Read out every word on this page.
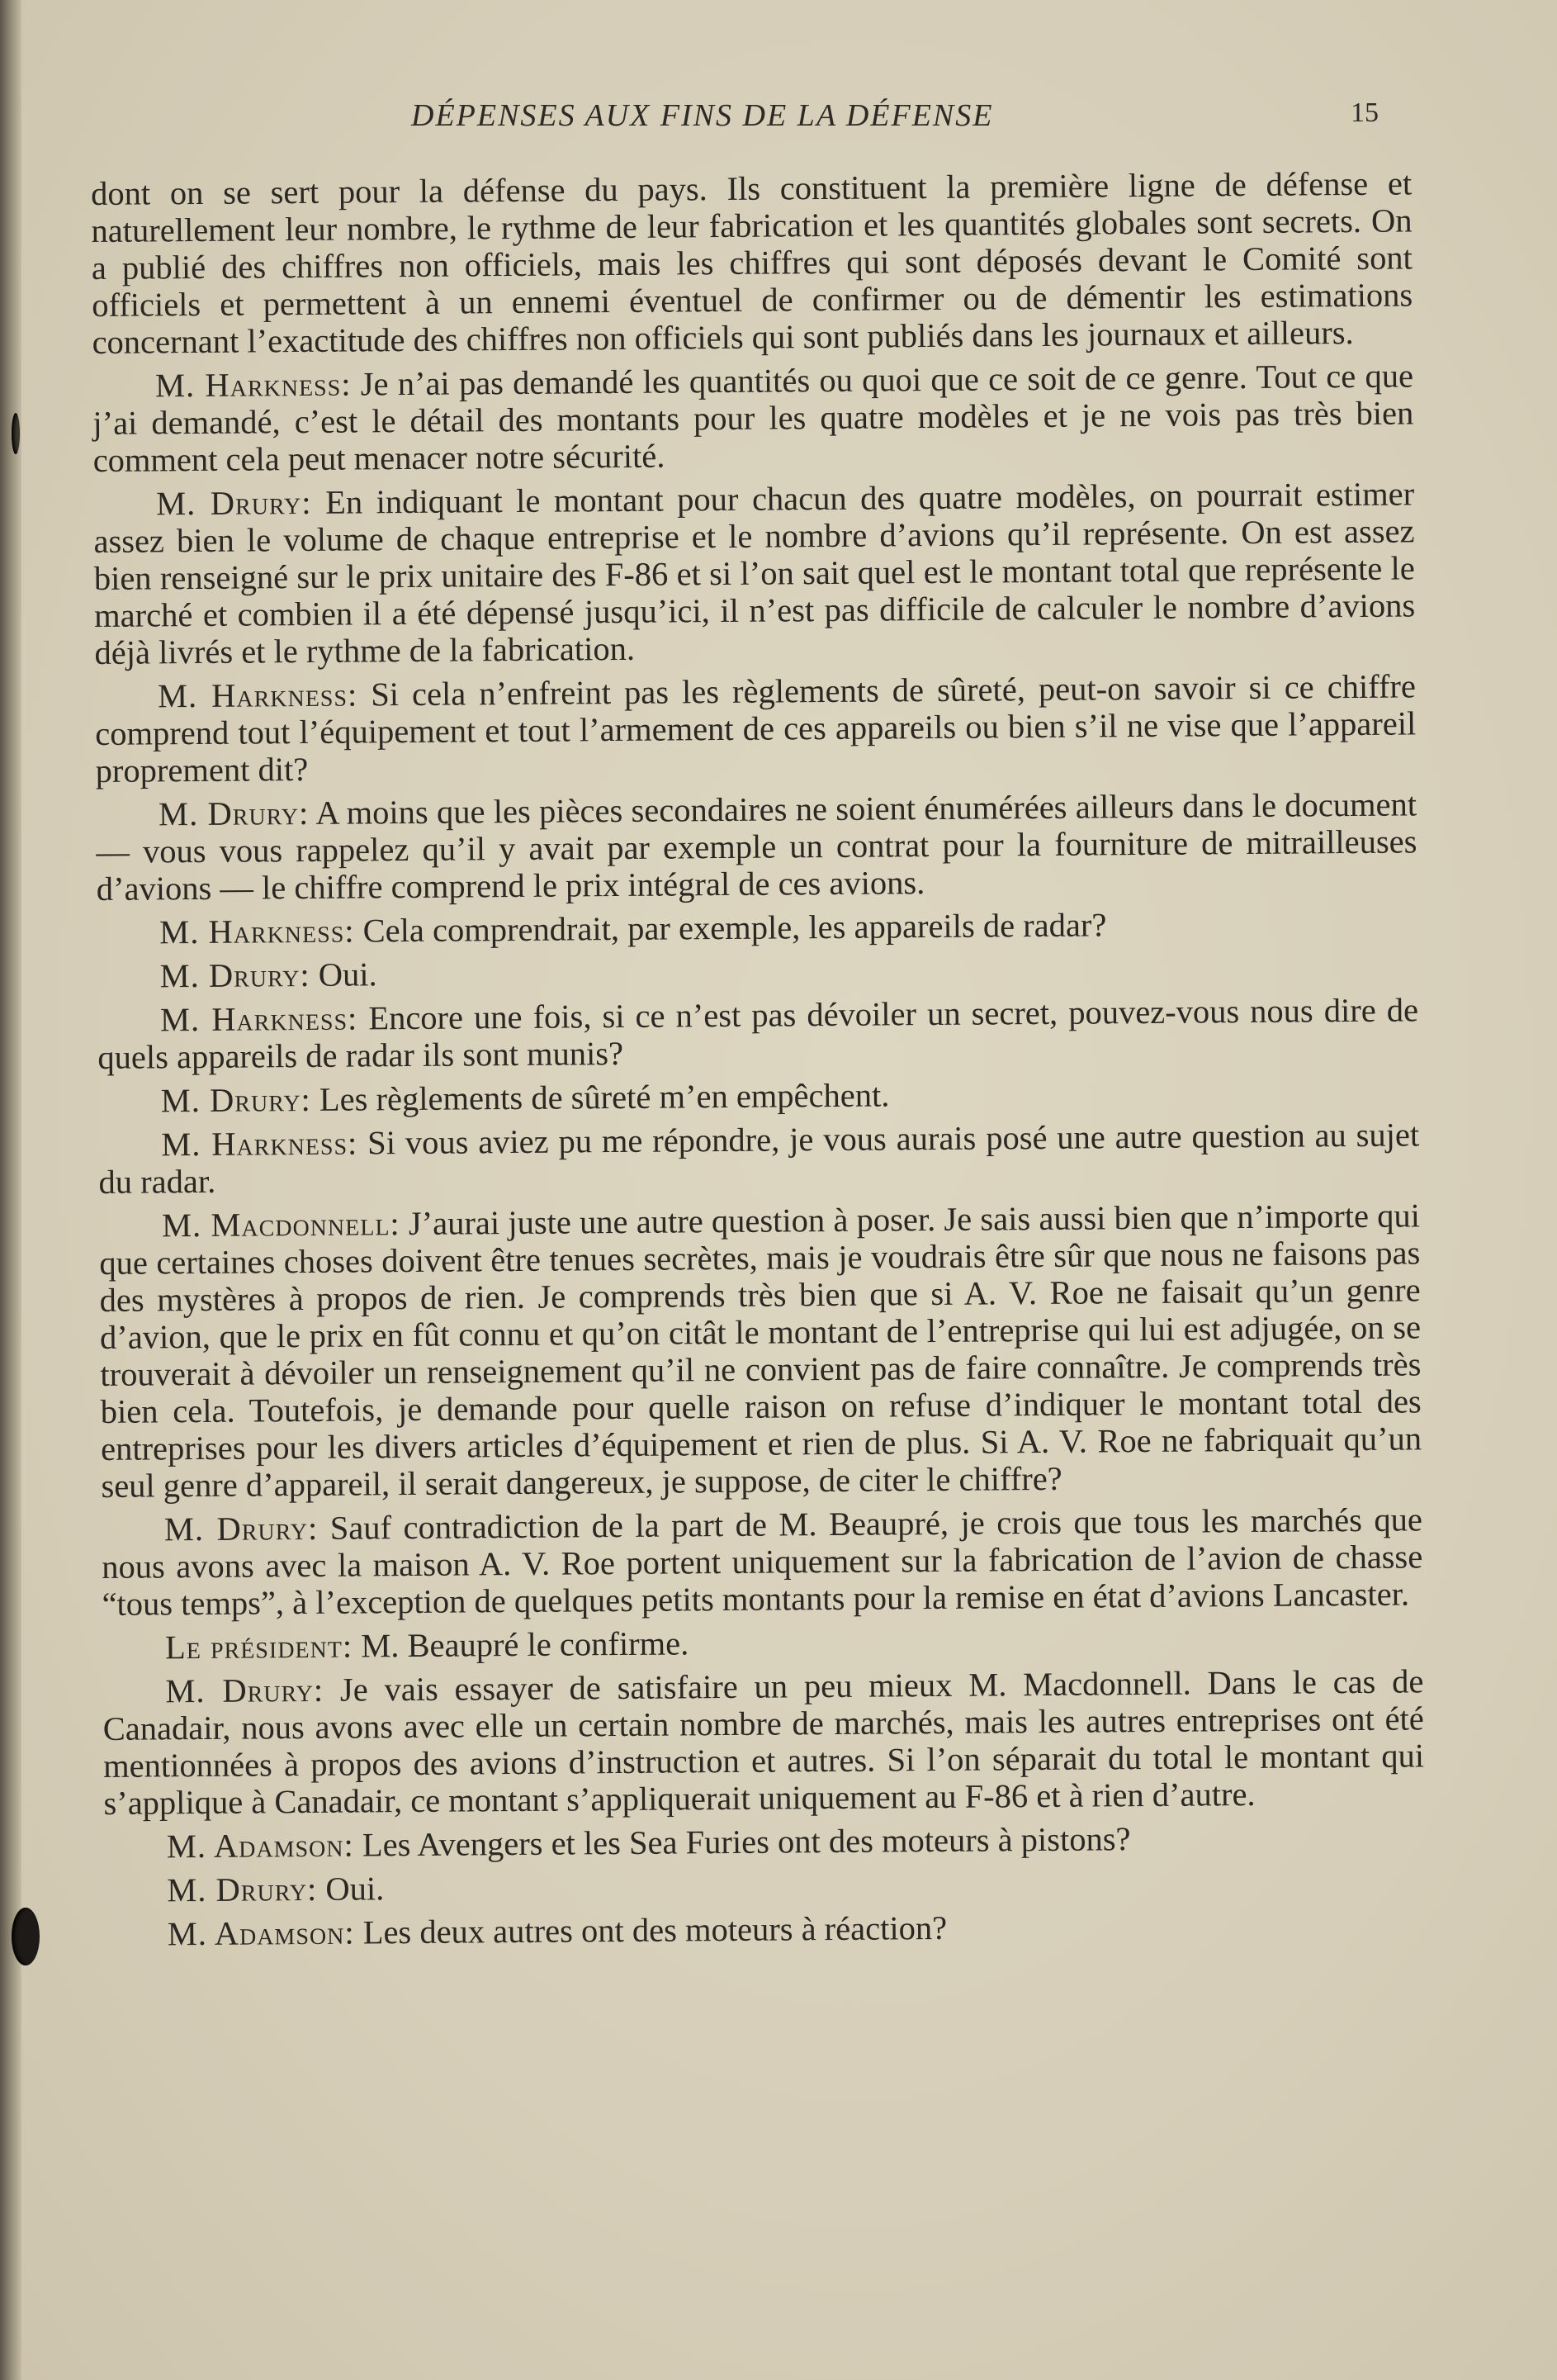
DÉPENSES AUX FINS DE LA DÉFENSE	15

dont on se sert pour la défense du pays. Ils constituent la première ligne de défense et naturellement leur nombre, le rythme de leur fabrication et les quantités globales sont secrets. On a publié des chiffres non officiels, mais les chiffres qui sont déposés devant le Comité sont officiels et permettent à un ennemi éventuel de confirmer ou de démentir les estimations concernant l’exactitude des chiffres non officiels qui sont publiés dans les journaux et ailleurs.

M. Harkness: Je n’ai pas demandé les quantités ou quoi que ce soit de ce genre. Tout ce que j’ai demandé, c’est le détail des montants pour les quatre modèles et je ne vois pas très bien comment cela peut menacer notre sécurité.

M. Drury: En indiquant le montant pour chacun des quatre modèles, on pourrait estimer assez bien le volume de chaque entreprise et le nombre d’avions qu’il représente. On est assez bien renseigné sur le prix unitaire des F-86 et si l’on sait quel est le montant total que représente le marché et combien il a été dépensé jusqu’ici, il n’est pas difficile de calculer le nombre d’avions déjà livrés et le rythme de la fabrication.

M. Harkness: Si cela n’enfreint pas les règlements de sûreté, peut-on savoir si ce chiffre comprend tout l’équipement et tout l’armement de ces appareils ou bien s’il ne vise que l’appareil proprement dit?

M. Drury: A moins que les pièces secondaires ne soient énumérées ailleurs dans le document — vous vous rappelez qu’il y avait par exemple un contrat pour la fourniture de mitrailleuses d’avions — le chiffre comprend le prix intégral de ces avions.

M. Harkness: Cela comprendrait, par exemple, les appareils de radar?

M. Drury: Oui.

M. Harkness: Encore une fois, si ce n’est pas dévoiler un secret, pouvez-vous nous dire de quels appareils de radar ils sont munis?

M. Drury: Les règlements de sûreté m’en empêchent.

M. Harkness: Si vous aviez pu me répondre, je vous aurais posé une autre question au sujet du radar.

M. Macdonnell: J’aurai juste une autre question à poser. Je sais aussi bien que n’importe qui que certaines choses doivent être tenues secrètes, mais je voudrais être sûr que nous ne faisons pas des mystères à propos de rien. Je comprends très bien que si A. V. Roe ne faisait qu’un genre d’avion, que le prix en fût connu et qu’on citât le montant de l’entreprise qui lui est adjugée, on se trouverait à dévoiler un renseignement qu’il ne convient pas de faire connaître. Je comprends très bien cela. Toutefois, je demande pour quelle raison on refuse d’indiquer le montant total des entreprises pour les divers articles d’équipement et rien de plus. Si A. V. Roe ne fabriquait qu’un seul genre d’appareil, il serait dangereux, je suppose, de citer le chiffre?

M. Drury: Sauf contradiction de la part de M. Beaupré, je crois que tous les marchés que nous avons avec la maison A. V. Roe portent uniquement sur la fabrication de l’avion de chasse “tous temps”, à l’exception de quelques petits montants pour la remise en état d’avions Lancaster.

Le président: M. Beaupré le confirme.

M. Drury: Je vais essayer de satisfaire un peu mieux M. Macdonnell. Dans le cas de Canadair, nous avons avec elle un certain nombre de marchés, mais les autres entreprises ont été mentionnées à propos des avions d’instruction et autres. Si l’on séparait du total le montant qui s’applique à Canadair, ce montant s’appliquerait uniquement au F-86 et à rien d’autre.

M. Adamson: Les Avengers et les Sea Furies ont des moteurs à pistons?

M. Drury: Oui.

M. Adamson: Les deux autres ont des moteurs à réaction?
